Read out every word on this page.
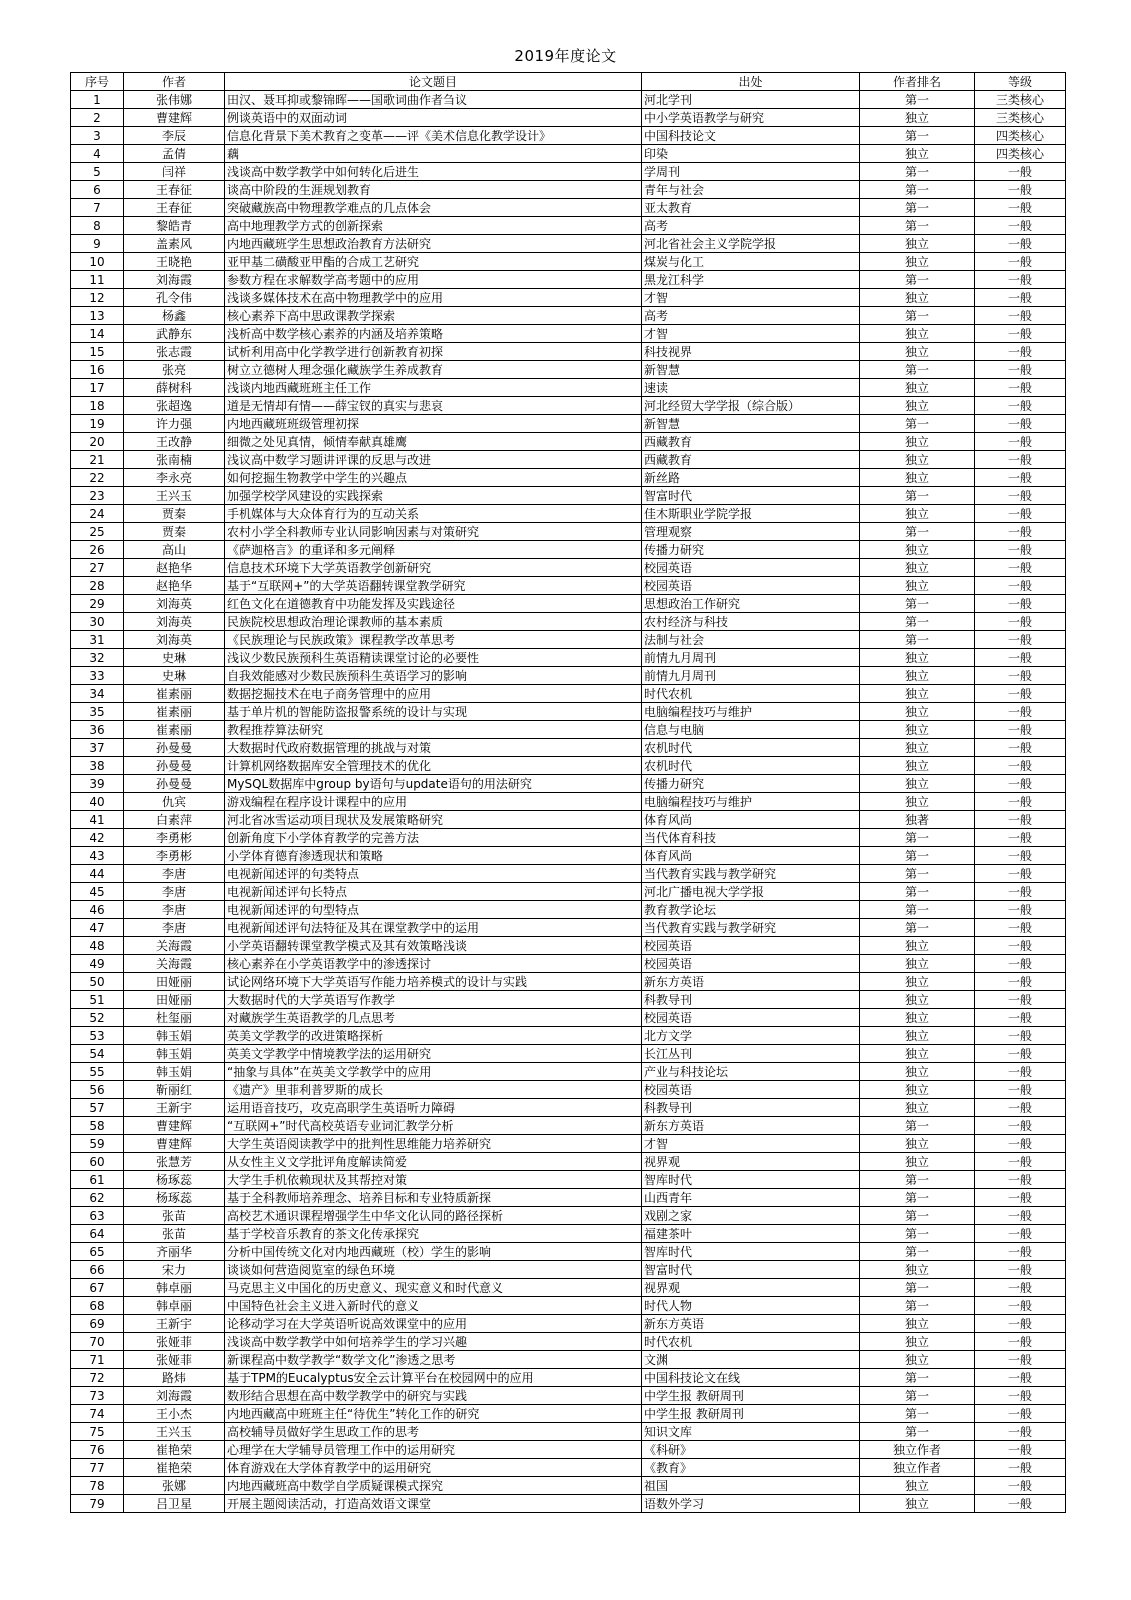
2019年度论文
序号	作者	论文题目	出处	作者排名	等级
1	张伟娜	田汉、聂耳抑或黎锦晖——国歌词曲作者刍议	河北学刊	第一	三类核心
2	曹建辉	例谈英语中的双面动词	中小学英语教学与研究	独立	三类核心
3	李辰	信息化背景下美术教育之变革——评《美术信息化教学设计》	中国科技论文	第一	四类核心
4	孟倩	藕	印染	独立	四类核心
5	闫祥	浅谈高中数学教学中如何转化后进生	学周刊	第一	一般
6	王春征	谈高中阶段的生涯规划教育	青年与社会	第一	一般
7	王春征	突破藏族高中物理教学难点的几点体会	亚太教育	第一	一般
8	黎皓青	高中地理教学方式的创新探索	高考	第一	一般
9	盖素风	内地西藏班学生思想政治教育方法研究	河北省社会主义学院学报	独立	一般
10	王晓艳	亚甲基二磺酸亚甲酯的合成工艺研究	煤炭与化工	独立	一般
11	刘海霞	参数方程在求解数学高考题中的应用	黑龙江科学	第一	一般
12	孔令伟	浅谈多媒体技术在高中物理教学中的应用	才智	独立	一般
13	杨鑫	核心素养下高中思政课教学探索	高考	第一	一般
14	武静东	浅析高中数学核心素养的内涵及培养策略	才智	独立	一般
15	张志霞	试析利用高中化学教学进行创新教育初探	科技视界	独立	一般
16	张亮	树立立德树人理念强化藏族学生养成教育	新智慧	第一	一般
17	薛树科	浅谈内地西藏班班主任工作	速读	独立	一般
18	张超逸	道是无情却有情——薛宝钗的真实与悲哀	河北经贸大学学报（综合版）	独立	一般
19	许力强	内地西藏班班级管理初探	新智慧	第一	一般
20	王改静	细微之处见真情，倾情奉献真雄鹰	西藏教育	独立	一般
21	张南楠	浅议高中数学习题讲评课的反思与改进	西藏教育	独立	一般
22	李永亮	如何挖掘生物教学中学生的兴趣点	新丝路	独立	一般
23	王兴玉	加强学校学风建设的实践探索	智富时代	第一	一般
24	贾秦	手机媒体与大众体育行为的互动关系	佳木斯职业学院学报	独立	一般
25	贾秦	农村小学全科教师专业认同影响因素与对策研究	管理观察	第一	一般
26	高山	《萨迦格言》的重译和多元阐释	传播力研究	独立	一般
27	赵艳华	信息技术环境下大学英语教学创新研究	校园英语	独立	一般
28	赵艳华	基于“互联网+”的大学英语翻转课堂教学研究	校园英语	独立	一般
29	刘海英	红色文化在道德教育中功能发挥及实践途径	思想政治工作研究	第一	一般
30	刘海英	民族院校思想政治理论课教师的基本素质	农村经济与科技	第一	一般
31	刘海英	《民族理论与民族政策》课程教学改革思考	法制与社会	第一	一般
32	史琳	浅议少数民族预科生英语精读课堂讨论的必要性	前情九月周刊	独立	一般
33	史琳	自我效能感对少数民族预科生英语学习的影响	前情九月周刊	独立	一般
34	崔素丽	数据挖掘技术在电子商务管理中的应用	时代农机	独立	一般
35	崔素丽	基于单片机的智能防盗报警系统的设计与实现	电脑编程技巧与维护	独立	一般
36	崔素丽	教程推荐算法研究	信息与电脑	独立	一般
37	孙曼曼	大数据时代政府数据管理的挑战与对策	农机时代	独立	一般
38	孙曼曼	计算机网络数据库安全管理技术的优化	农机时代	独立	一般
39	孙曼曼	MySQL数据库中group by语句与update语句的用法研究	传播力研究	独立	一般
40	仇宾	游戏编程在程序设计课程中的应用	电脑编程技巧与维护	独立	一般
41	白素萍	河北省冰雪运动项目现状及发展策略研究	体育风尚	独著	一般
42	李勇彬	创新角度下小学体育教学的完善方法	当代体育科技	第一	一般
43	李勇彬	小学体育德育渗透现状和策略	体育风尚	第一	一般
44	李唐	电视新闻述评的句类特点	当代教育实践与教学研究	第一	一般
45	李唐	电视新闻述评句长特点	河北广播电视大学学报	第一	一般
46	李唐	电视新闻述评的句型特点	教育教学论坛	第一	一般
47	李唐	电视新闻述评句法特征及其在课堂教学中的运用	当代教育实践与教学研究	第一	一般
48	关海霞	小学英语翻转课堂教学模式及其有效策略浅谈	校园英语	独立	一般
49	关海霞	核心素养在小学英语教学中的渗透探讨	校园英语	独立	一般
50	田娅丽	试论网络环境下大学英语写作能力培养模式的设计与实践	新东方英语	独立	一般
51	田娅丽	大数据时代的大学英语写作教学	科教导刊	独立	一般
52	杜玺丽	对藏族学生英语教学的几点思考	校园英语	独立	一般
53	韩玉娟	英美文学教学的改进策略探析	北方文学	独立	一般
54	韩玉娟	英美文学教学中情境教学法的运用研究	长江丛刊	独立	一般
55	韩玉娟	“抽象与具体”在英美文学教学中的应用	产业与科技论坛	独立	一般
56	靳丽红	《遗产》里菲利普罗斯的成长	校园英语	独立	一般
57	王新宇	运用语音技巧，攻克高职学生英语听力障碍	科教导刊	独立	一般
58	曹建辉	“互联网+”时代高校英语专业词汇教学分析	新东方英语	第一	一般
59	曹建辉	大学生英语阅读教学中的批判性思维能力培养研究	才智	独立	一般
60	张慧芳	从女性主义文学批评角度解读简爱	视界观	独立	一般
61	杨琢蕊	大学生手机依赖现状及其帮控对策	智库时代	第一	一般
62	杨琢蕊	基于全科教师培养理念、培养目标和专业特质新探	山西青年	第一	一般
63	张苗	高校艺术通识课程增强学生中华文化认同的路径探析	戏剧之家	第一	一般
64	张苗	基于学校音乐教育的茶文化传承探究	福建茶叶	第一	一般
65	齐丽华	分析中国传统文化对内地西藏班（校）学生的影响	智库时代	第一	一般
66	宋力	谈谈如何营造阅览室的绿色环境	智富时代	独立	一般
67	韩卓丽	马克思主义中国化的历史意义、现实意义和时代意义	视界观	第一	一般
68	韩卓丽	中国特色社会主义进入新时代的意义	时代人物	第一	一般
69	王新宇	论移动学习在大学英语听说高效课堂中的应用	新东方英语	独立	一般
70	张娅菲	浅谈高中数学教学中如何培养学生的学习兴趣	时代农机	独立	一般
71	张娅菲	新课程高中数学教学“数学文化”渗透之思考	文渊	独立	一般
72	路炜	基于TPM的Eucalyptus安全云计算平台在校园网中的应用	中国科技论文在线	第一	一般
73	刘海霞	数形结合思想在高中数学教学中的研究与实践	中学生报 教研周刊	第一	一般
74	王小杰	内地西藏高中班班主任“待优生”转化工作的研究	中学生报 教研周刊	第一	一般
75	王兴玉	高校辅导员做好学生思政工作的思考	知识文库	第一	一般
76	崔艳荣	心理学在大学辅导员管理工作中的运用研究	《科研》	独立作者	一般
77	崔艳荣	体育游戏在大学体育教学中的运用研究	《教育》	独立作者	一般
78	张娜	内地西藏班高中数学自学质疑课模式探究	祖国	独立	一般
79	吕卫星	开展主题阅读活动，打造高效语文课堂	语数外学习	独立	一般
